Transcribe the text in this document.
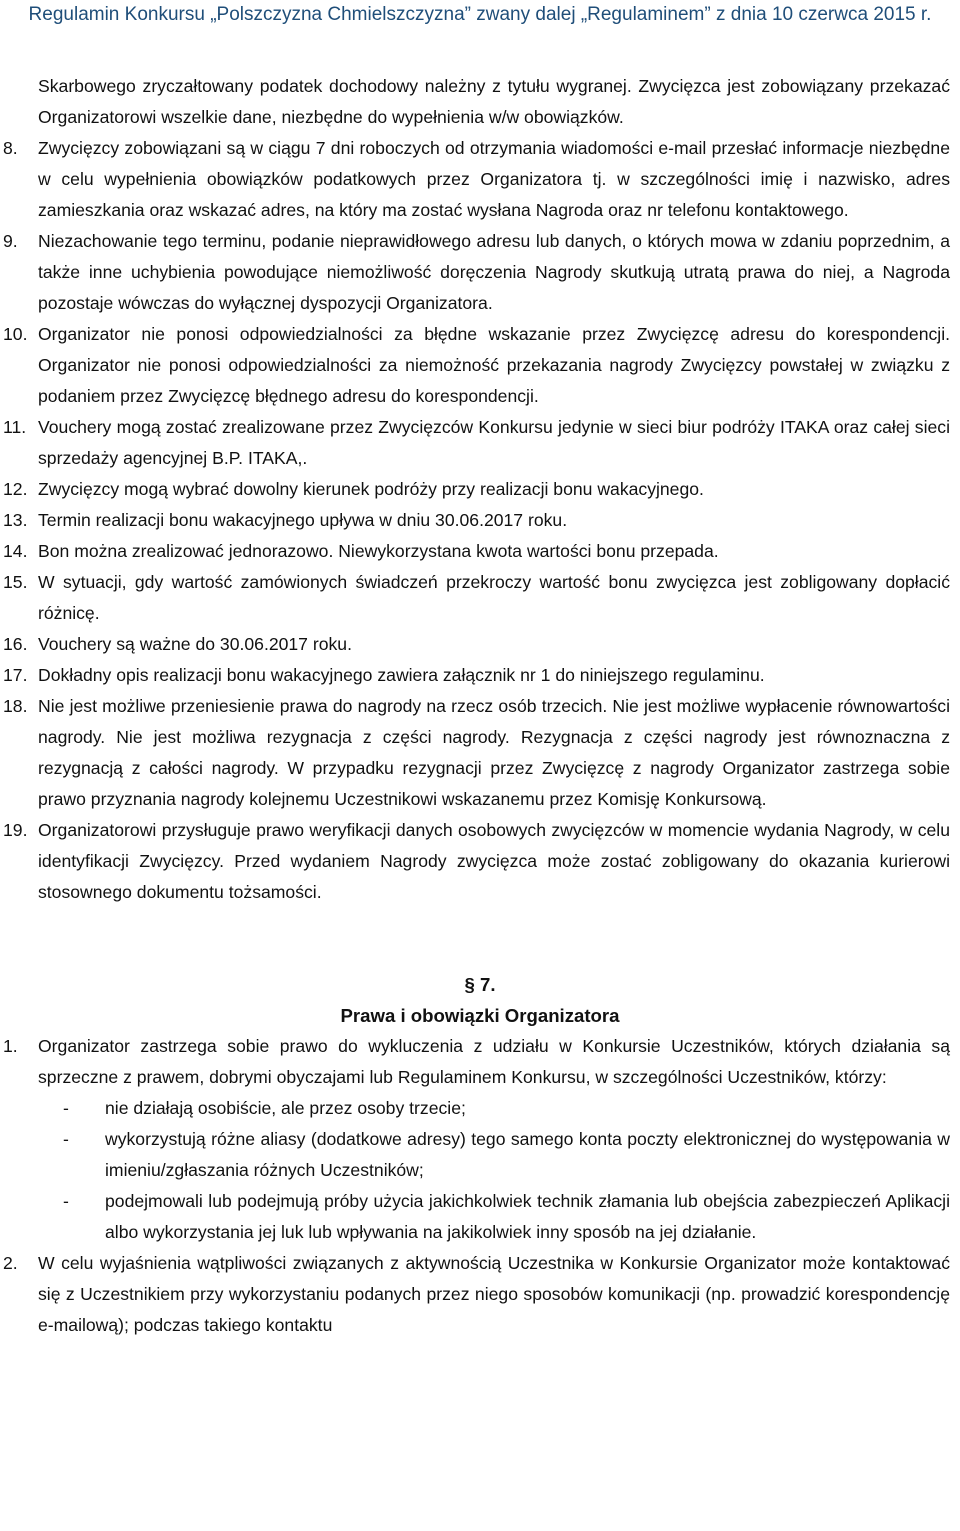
Regulamin Konkursu „Polszczyzna Chmielszczyzna” zwany dalej „Regulaminem” z dnia 10 czerwca 2015 r.
Skarbowego zryczałtowany podatek dochodowy należny z tytułu wygranej. Zwycięzca jest zobowiązany przekazać Organizatorowi wszelkie dane, niezbędne do wypełnienia w/w obowiązków.
8. Zwycięzcy zobowiązani są w ciągu 7 dni roboczych od otrzymania wiadomości e-mail przesłać informacje niezbędne w celu wypełnienia obowiązków podatkowych przez Organizatora tj. w szczególności imię i nazwisko, adres zamieszkania oraz wskazać adres, na który ma zostać wysłana Nagroda oraz nr telefonu kontaktowego.
9. Niezachowanie tego terminu, podanie nieprawidłowego adresu lub danych, o których mowa w zdaniu poprzednim, a także inne uchybienia powodujące niemożliwość doręczenia Nagrody skutkują utratą prawa do niej, a Nagroda pozostaje wówczas do wyłącznej dyspozycji Organizatora.
10. Organizator nie ponosi odpowiedzialności za błędne wskazanie przez Zwycięzcę adresu do korespondencji. Organizator nie ponosi odpowiedzialności za niemożność przekazania nagrody Zwycięzcy powstałej w związku z podaniem przez Zwycięzcę błędnego adresu do korespondencji.
11. Vouchery mogą zostać zrealizowane przez Zwycięzców Konkursu jedynie w sieci biur podróży ITAKA oraz całej sieci sprzedaży agencyjnej B.P. ITAKA,.
12. Zwycięzcy mogą wybrać dowolny kierunek podróży przy realizacji bonu wakacyjnego.
13. Termin realizacji bonu wakacyjnego upływa w dniu 30.06.2017 roku.
14. Bon można zrealizować jednorazowo. Niewykorzystana kwota wartości bonu przepada.
15. W sytuacji, gdy wartość zamówionych świadczeń przekroczy wartość bonu zwycięzca jest zobligowany dopłacić różnicę.
16. Vouchery są ważne do 30.06.2017 roku.
17. Dokładny opis realizacji bonu wakacyjnego zawiera załącznik nr 1 do niniejszego regulaminu.
18. Nie jest możliwe przeniesienie prawa do nagrody na rzecz osób trzecich. Nie jest możliwe wypłacenie równowartości nagrody. Nie jest możliwa rezygnacja z części nagrody. Rezygnacja z części nagrody jest równoznaczna z rezygnacją z całości nagrody. W przypadku rezygnacji przez Zwycięzcę z nagrody Organizator zastrzega sobie prawo przyznania nagrody kolejnemu Uczestnikowi wskazanemu przez Komisję Konkursową.
19. Organizatorowi przysługuje prawo weryfikacji danych osobowych zwycięzców w momencie wydania Nagrody, w celu identyfikacji Zwycięzcy. Przed wydaniem Nagrody zwycięzca może zostać zobligowany do okazania kurierowi stosownego dokumentu tożsamości.
§ 7.
Prawa i obowiązki Organizatora
1. Organizator zastrzega sobie prawo do wykluczenia z udziału w Konkursie Uczestników, których działania są sprzeczne z prawem, dobrymi obyczajami lub Regulaminem Konkursu, w szczególności Uczestników, którzy:
- nie działają osobiście, ale przez osoby trzecie;
- wykorzystują różne aliasy (dodatkowe adresy) tego samego konta poczty elektronicznej do występowania w imieniu/zgłaszania różnych Uczestników;
- podejmowali lub podejmują próby użycia jakichkolwiek technik złamania lub obejścia zabezpieczeń Aplikacji albo wykorzystania jej luk lub wpływania na jakikolwiek inny sposób na jej działanie.
2. W celu wyjaśnienia wątpliwości związanych z aktywnością Uczestnika w Konkursie Organizator może kontaktować się z Uczestnikiem przy wykorzystaniu podanych przez niego sposobów komunikacji (np. prowadzić korespondencję e-mailową); podczas takiego kontaktu
